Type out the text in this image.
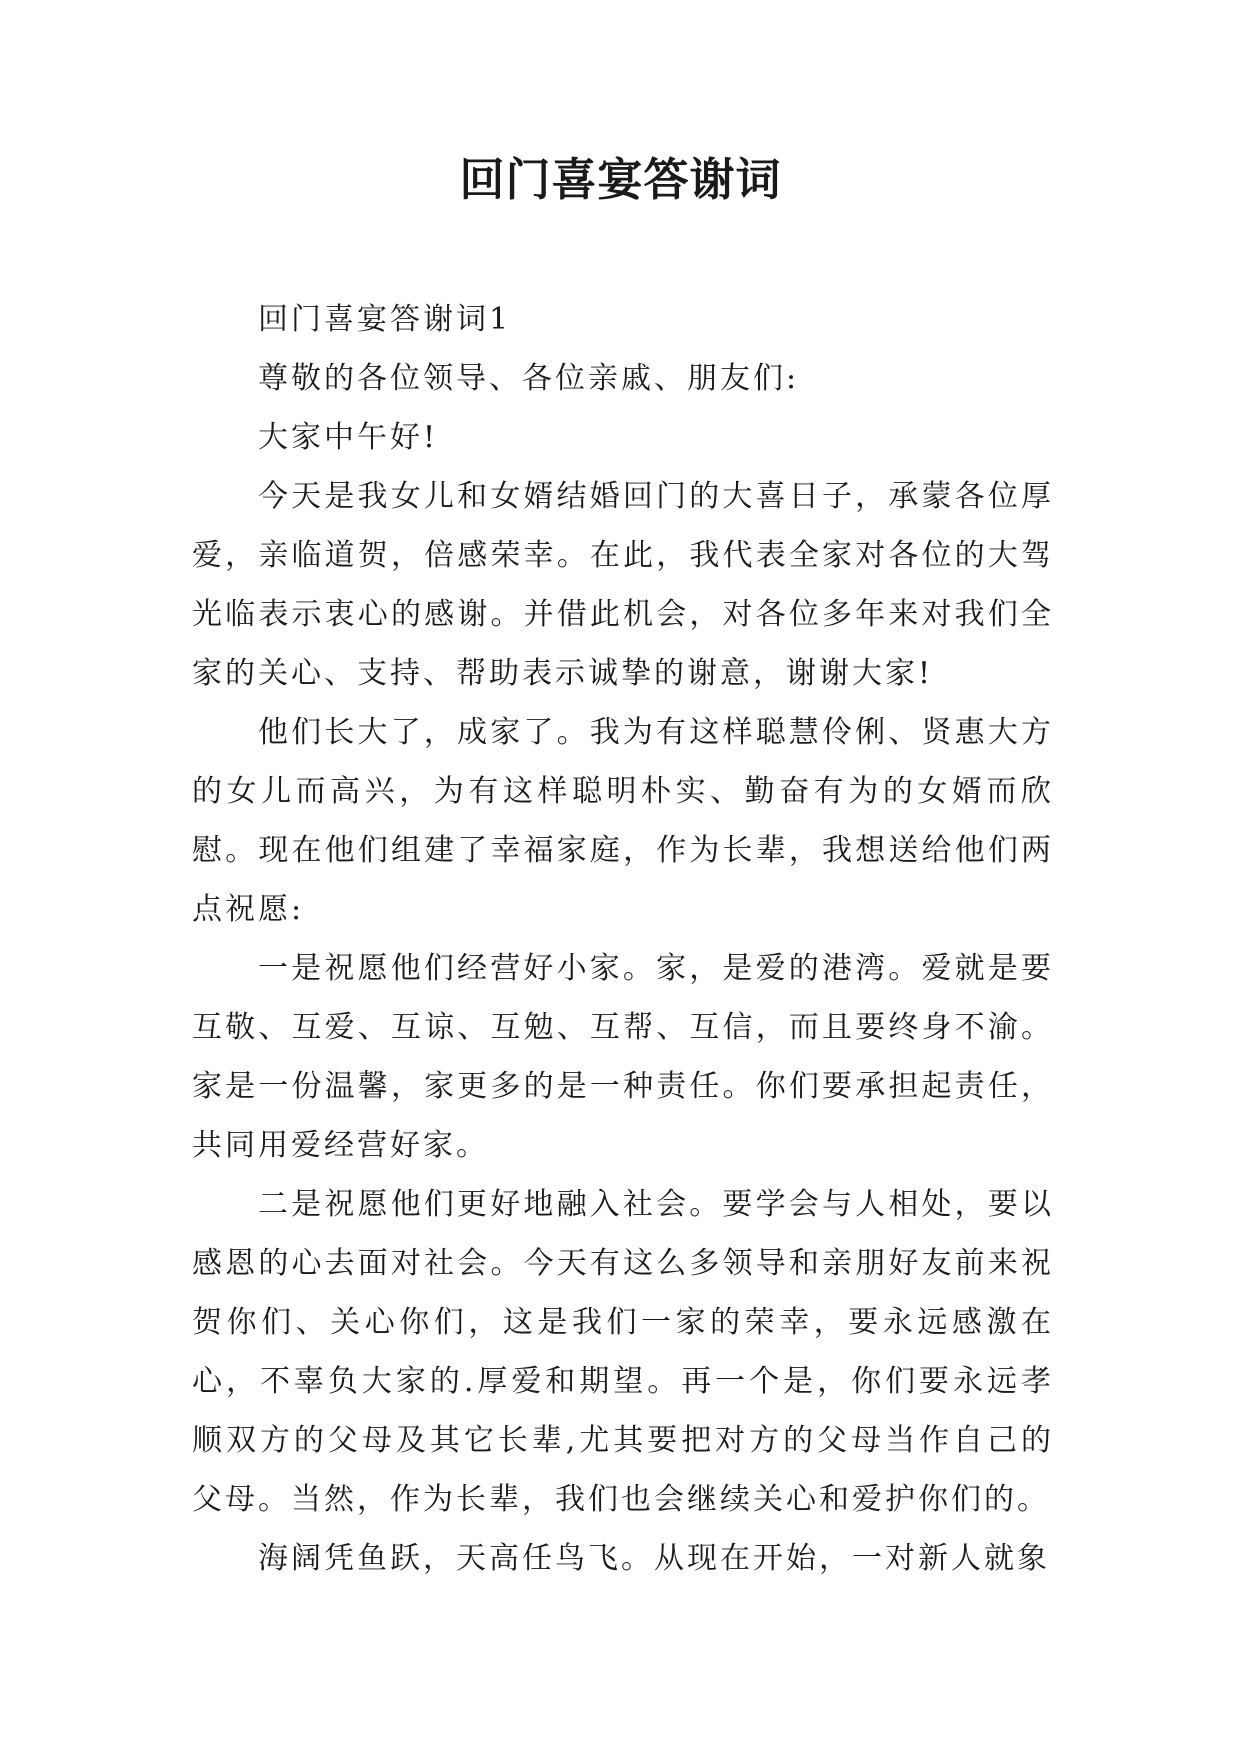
回门喜宴答谢词

回门喜宴答谢词1

尊敬的各位领导、各位亲戚、朋友们:

大家中午好!

今天是我女儿和女婿结婚回门的大喜日子，承蒙各位厚爱，亲临道贺，倍感荣幸。在此，我代表全家对各位的大驾光临表示衷心的感谢。并借此机会，对各位多年来对我们全家的关心、支持、帮助表示诚挚的谢意，谢谢大家!

他们长大了，成家了。我为有这样聪慧伶俐、贤惠大方的女儿而高兴，为有这样聪明朴实、勤奋有为的女婿而欣慰。现在他们组建了幸福家庭，作为长辈，我想送给他们两点祝愿:

一是祝愿他们经营好小家。家，是爱的港湾。爱就是要互敬、互爱、互谅、互勉、互帮、互信，而且要终身不渝。家是一份温馨，家更多的是一种责任。你们要承担起责任，共同用爱经营好家。

二是祝愿他们更好地融入社会。要学会与人相处，要以感恩的心去面对社会。今天有这么多领导和亲朋好友前来祝贺你们、关心你们，这是我们一家的荣幸，要永远感激在心，不辜负大家的.厚爱和期望。再一个是，你们要永远孝顺双方的父母及其它长辈,尤其要把对方的父母当作自己的父母。当然，作为长辈，我们也会继续关心和爱护你们的。

海阔凭鱼跃，天高任鸟飞。从现在开始，一对新人就象
